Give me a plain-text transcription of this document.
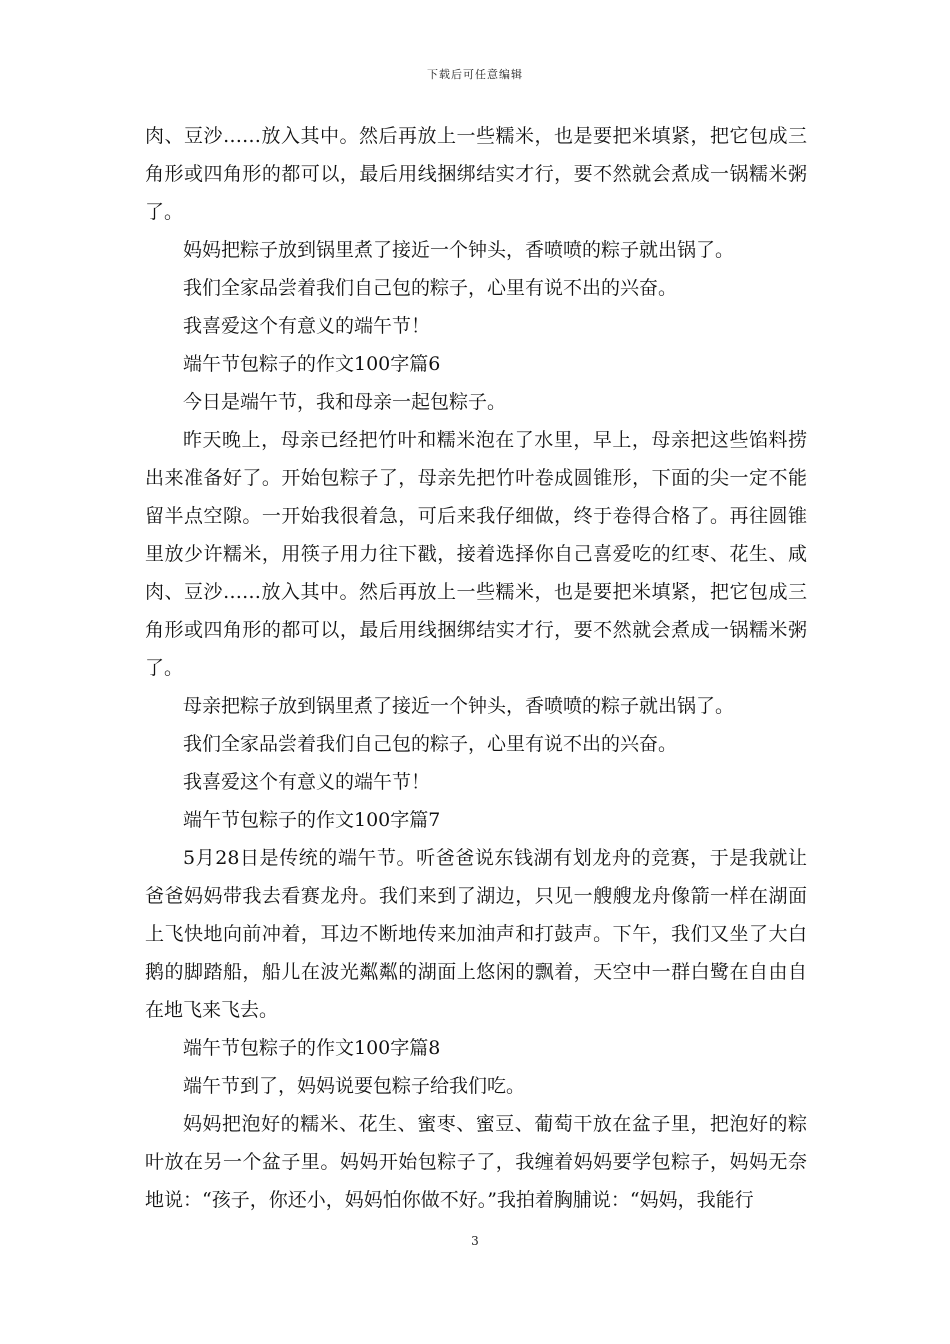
下载后可任意编辑

肉、豆沙……放入其中。然后再放上一些糯米，也是要把米填紧，把它包成三角形或四角形的都可以，最后用线捆绑结实才行，要不然就会煮成一锅糯米粥了。

妈妈把粽子放到锅里煮了接近一个钟头，香喷喷的粽子就出锅了。

我们全家品尝着我们自己包的粽子，心里有说不出的兴奋。

我喜爱这个有意义的端午节！

端午节包粽子的作文100字篇6

今日是端午节，我和母亲一起包粽子。

昨天晚上，母亲已经把竹叶和糯米泡在了水里，早上，母亲把这些馅料捞出来准备好了。开始包粽子了，母亲先把竹叶卷成圆锥形，下面的尖一定不能留半点空隙。一开始我很着急，可后来我仔细做，终于卷得合格了。再往圆锥里放少许糯米，用筷子用力往下戳，接着选择你自己喜爱吃的红枣、花生、咸肉、豆沙……放入其中。然后再放上一些糯米，也是要把米填紧，把它包成三角形或四角形的都可以，最后用线捆绑结实才行，要不然就会煮成一锅糯米粥了。

母亲把粽子放到锅里煮了接近一个钟头，香喷喷的粽子就出锅了。

我们全家品尝着我们自己包的粽子，心里有说不出的兴奋。

我喜爱这个有意义的端午节！

端午节包粽子的作文100字篇7

5月28日是传统的端午节。听爸爸说东钱湖有划龙舟的竞赛，于是我就让爸爸妈妈带我去看赛龙舟。我们来到了湖边，只见一艘艘龙舟像箭一样在湖面上飞快地向前冲着，耳边不断地传来加油声和打鼓声。下午，我们又坐了大白鹅的脚踏船，船儿在波光粼粼的湖面上悠闲的飘着，天空中一群白鹭在自由自在地飞来飞去。

端午节包粽子的作文100字篇8

端午节到了，妈妈说要包粽子给我们吃。

妈妈把泡好的糯米、花生、蜜枣、蜜豆、葡萄干放在盆子里，把泡好的粽叶放在另一个盆子里。妈妈开始包粽子了，我缠着妈妈要学包粽子，妈妈无奈地说：“孩子，你还小，妈妈怕你做不好。”我拍着胸脯说：“妈妈，我能行

3
